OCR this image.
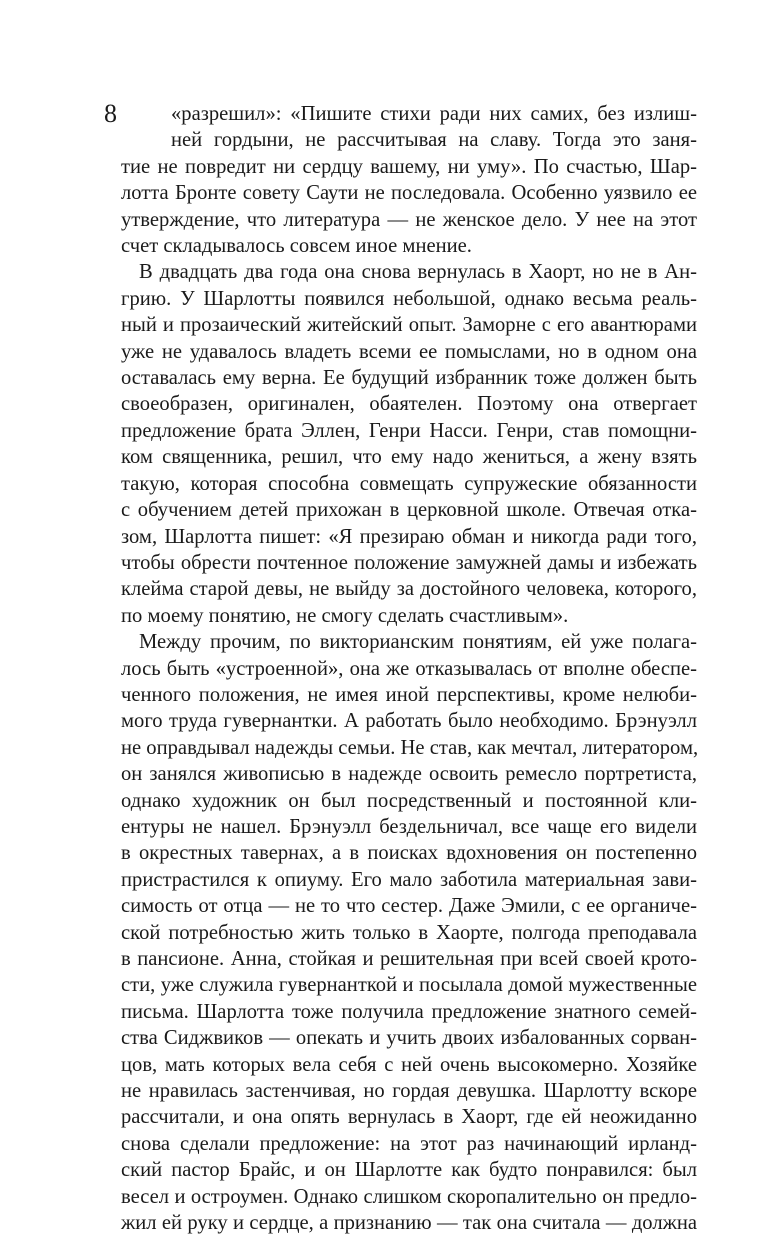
8	«разрешил»: «Пишите стихи ради них самих, без излиш-
ней гордыни, не рассчитывая на славу. Тогда это заня-
тие не повредит ни сердцу вашему, ни уму». По счастью, Шар-
лотта Бронте совету Саути не последовала. Особенно уязвило ее
утверждение, что литература — не женское дело. У нее на этот
счет складывалось совсем иное мнение.
В двадцать два года она снова вернулась в Хаорт, но не в Ан-
грию. У Шарлотты появился небольшой, однако весьма реаль-
ный и прозаический житейский опыт. Заморне с его авантюрами
уже не удавалось владеть всеми ее помыслами, но в одном она
оставалась ему верна. Ее будущий избранник тоже должен быть
своеобразен, оригинален, обаятелен. Поэтому она отвергает
предложение брата Эллен, Генри Насси. Генри, став помощни-
ком священника, решил, что ему надо жениться, а жену взять
такую, которая способна совмещать супружеские обязанности
с обучением детей прихожан в церковной школе. Отвечая отка-
зом, Шарлотта пишет: «Я презираю обман и никогда ради того,
чтобы обрести почтенное положение замужней дамы и избежать
клейма старой девы, не выйду за достойного человека, которого,
по моему понятию, не смогу сделать счастливым».
Между прочим, по викторианским понятиям, ей уже полага-
лось быть «устроенной», она же отказывалась от вполне обеспе-
ченного положения, не имея иной перспективы, кроме нелюби-
мого труда гувернантки. А работать было необходимо. Брэнуэлл
не оправдывал надежды семьи. Не став, как мечтал, литератором,
он занялся живописью в надежде освоить ремесло портретиста,
однако художник он был посредственный и постоянной кли-
ентуры не нашел. Брэнуэлл бездельничал, все чаще его видели
в окрестных тавернах, а в поисках вдохновения он постепенно
пристрастился к опиуму. Его мало заботила материальная зави-
симость от отца — не то что сестер. Даже Эмили, с ее органиче-
ской потребностью жить только в Хаорте, полгода преподавала
в пансионе. Анна, стойкая и решительная при всей своей крото-
сти, уже служила гувернанткой и посылала домой мужественные
письма. Шарлотта тоже получила предложение знатного семей-
ства Сиджвиков — опекать и учить двоих избалованных сорван-
цов, мать которых вела себя с ней очень высокомерно. Хозяйке
не нравилась застенчивая, но гордая девушка. Шарлотту вскоре
рассчитали, и она опять вернулась в Хаорт, где ей неожиданно
снова сделали предложение: на этот раз начинающий ирланд-
ский пастор Брайс, и он Шарлотте как будто понравился: был
весел и остроумен. Однако слишком скоропалительно он предло-
жил ей руку и сердце, а признанию — так она считала — должна
